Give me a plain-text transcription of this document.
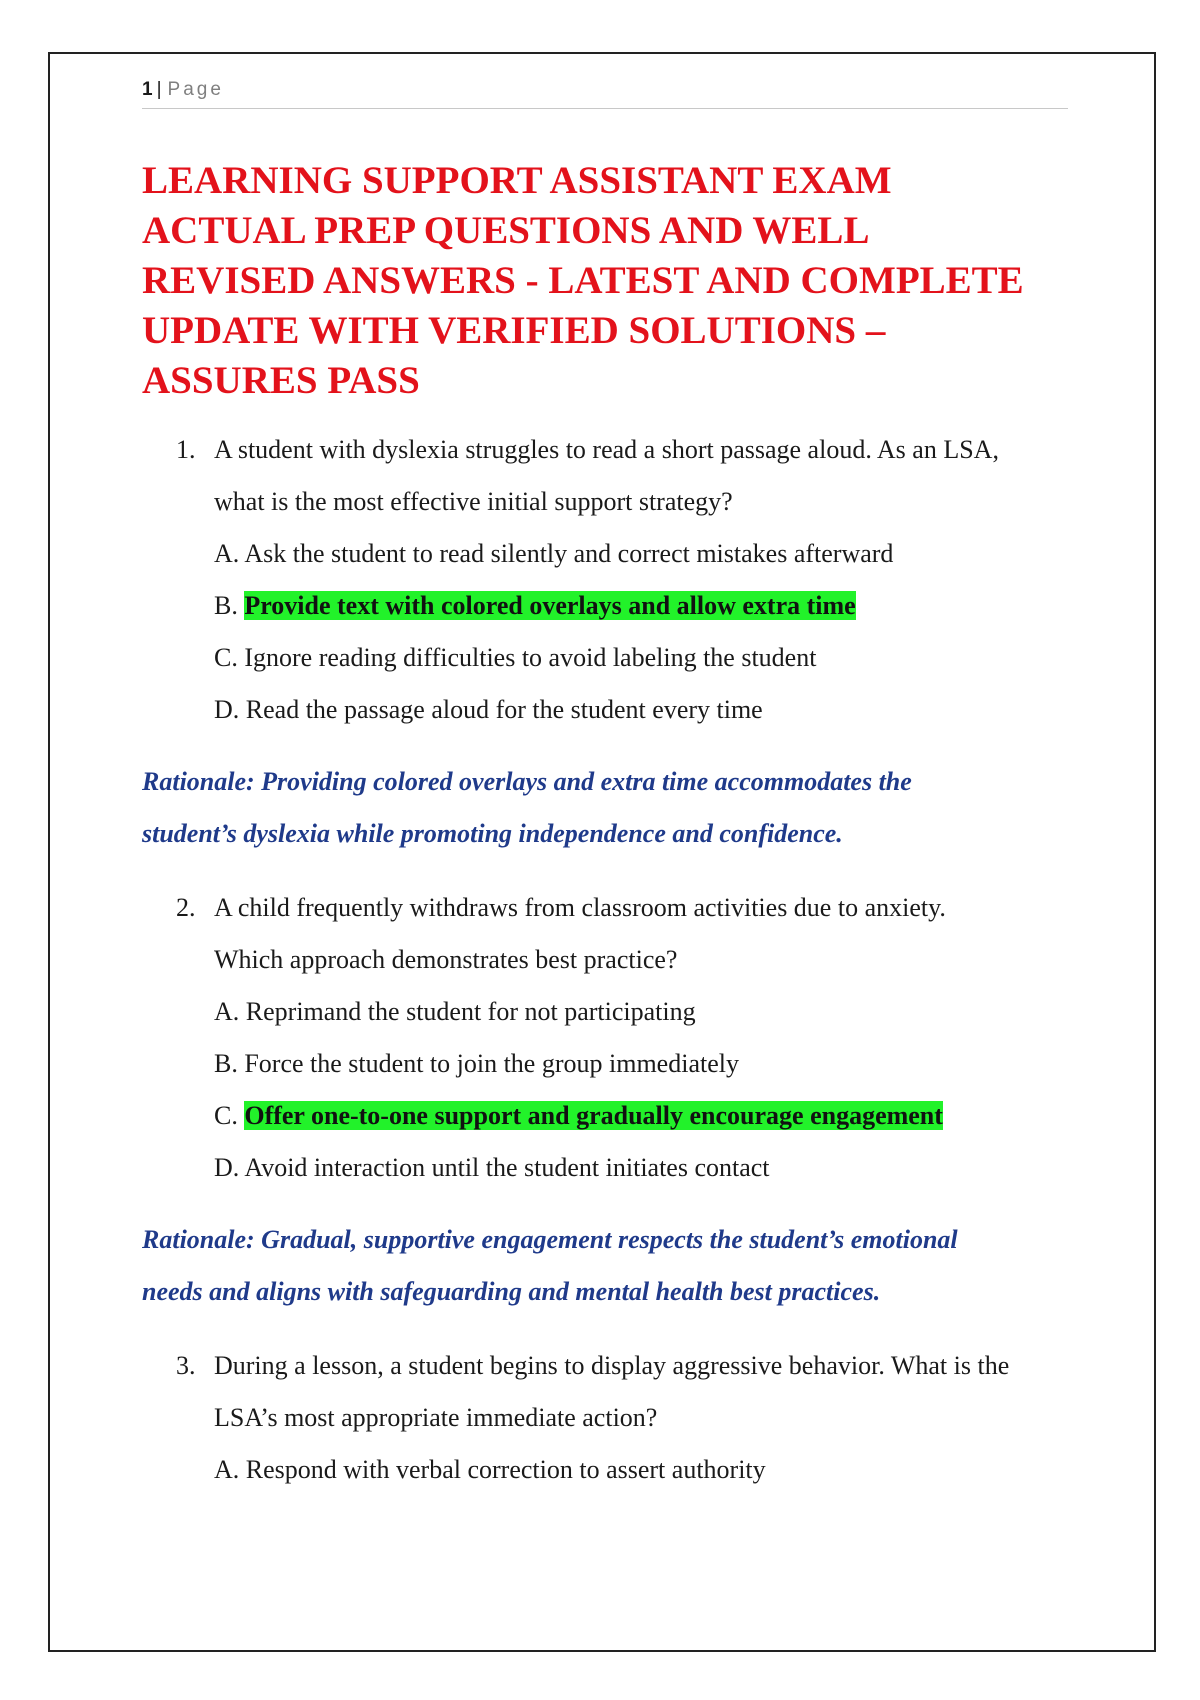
1 | Page
LEARNING SUPPORT ASSISTANT EXAM
ACTUAL PREP QUESTIONS AND WELL
REVISED ANSWERS - LATEST AND COMPLETE
UPDATE WITH VERIFIED SOLUTIONS –
ASSURES PASS
1. A student with dyslexia struggles to read a short passage aloud. As an LSA,
what is the most effective initial support strategy?
A. Ask the student to read silently and correct mistakes afterward
B. Provide text with colored overlays and allow extra time
C. Ignore reading difficulties to avoid labeling the student
D. Read the passage aloud for the student every time

Rationale: Providing colored overlays and extra time accommodates the
student’s dyslexia while promoting independence and confidence.

2. A child frequently withdraws from classroom activities due to anxiety.
Which approach demonstrates best practice?
A. Reprimand the student for not participating
B. Force the student to join the group immediately
C. Offer one-to-one support and gradually encourage engagement
D. Avoid interaction until the student initiates contact

Rationale: Gradual, supportive engagement respects the student’s emotional
needs and aligns with safeguarding and mental health best practices.

3. During a lesson, a student begins to display aggressive behavior. What is the
LSA’s most appropriate immediate action?
A. Respond with verbal correction to assert authority
